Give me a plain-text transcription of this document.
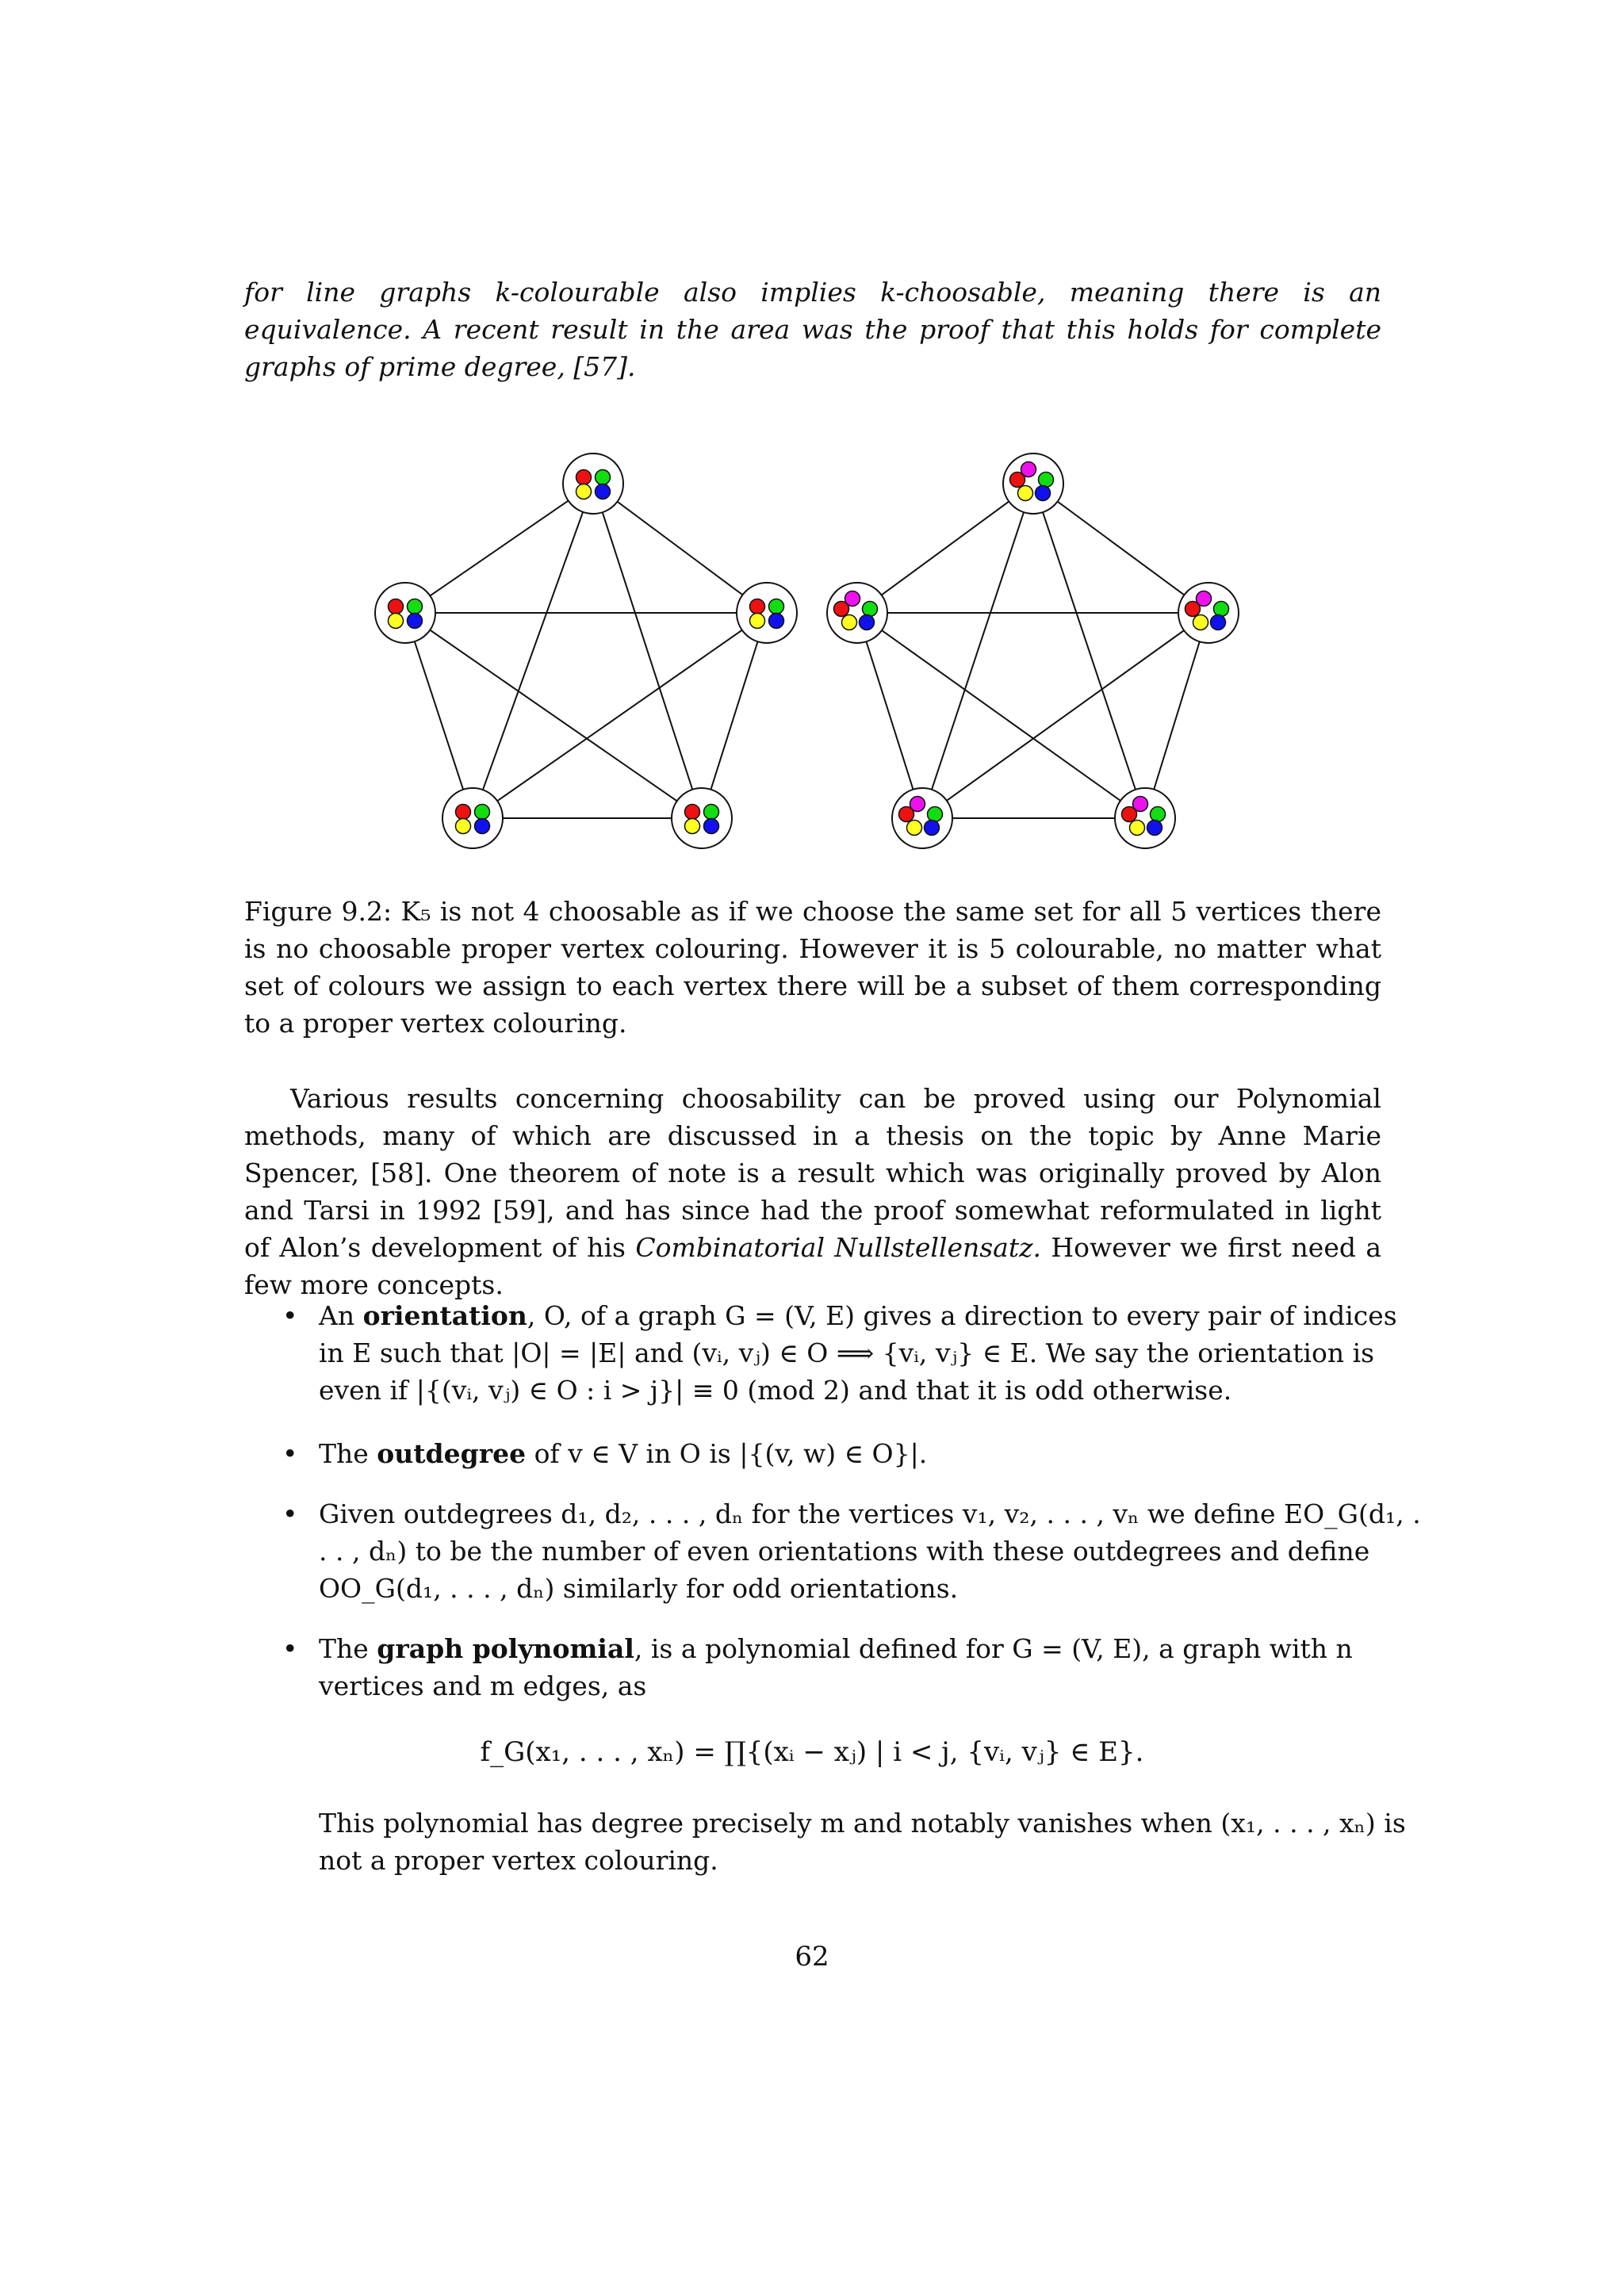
for line graphs k-colourable also implies k-choosable, meaning there is an equivalence. A recent result in the area was the proof that this holds for complete graphs of prime degree, [57].
Figure 9.2: K₅ is not 4 choosable as if we choose the same set for all 5 vertices there is no choosable proper vertex colouring. However it is 5 colourable, no matter what set of colours we assign to each vertex there will be a subset of them corresponding to a proper vertex colouring.
Various results concerning choosability can be proved using our Polynomial methods, many of which are discussed in a thesis on the topic by Anne Marie Spencer, [58]. One theorem of note is a result which was originally proved by Alon and Tarsi in 1992 [59], and has since had the proof somewhat reformulated in light of Alon’s development of his Combinatorial Nullstellensatz. However we first need a few more concepts.
• An orientation, O, of a graph G = (V, E) gives a direction to every pair of indices in E such that |O| = |E| and (vᵢ, vⱼ) ∈ O ⟹ {vᵢ, vⱼ} ∈ E. We say the orientation is even if |{(vᵢ, vⱼ) ∈ O : i > j}| ≡ 0 (mod 2) and that it is odd otherwise.
• The outdegree of v ∈ V in O is |{(v, w) ∈ O}|.
• Given outdegrees d₁, d₂, . . . , dₙ for the vertices v₁, v₂, . . . , vₙ we define EO_G(d₁, . . . , dₙ) to be the number of even orientations with these outdegrees and define OO_G(d₁, . . . , dₙ) similarly for odd orientations.
• The graph polynomial, is a polynomial defined for G = (V, E), a graph with n vertices and m edges, as
f_G(x₁, . . . , xₙ) = ∏{(xᵢ − xⱼ) | i < j, {vᵢ, vⱼ} ∈ E}.
This polynomial has degree precisely m and notably vanishes when (x₁, . . . , xₙ) is not a proper vertex colouring.
62
